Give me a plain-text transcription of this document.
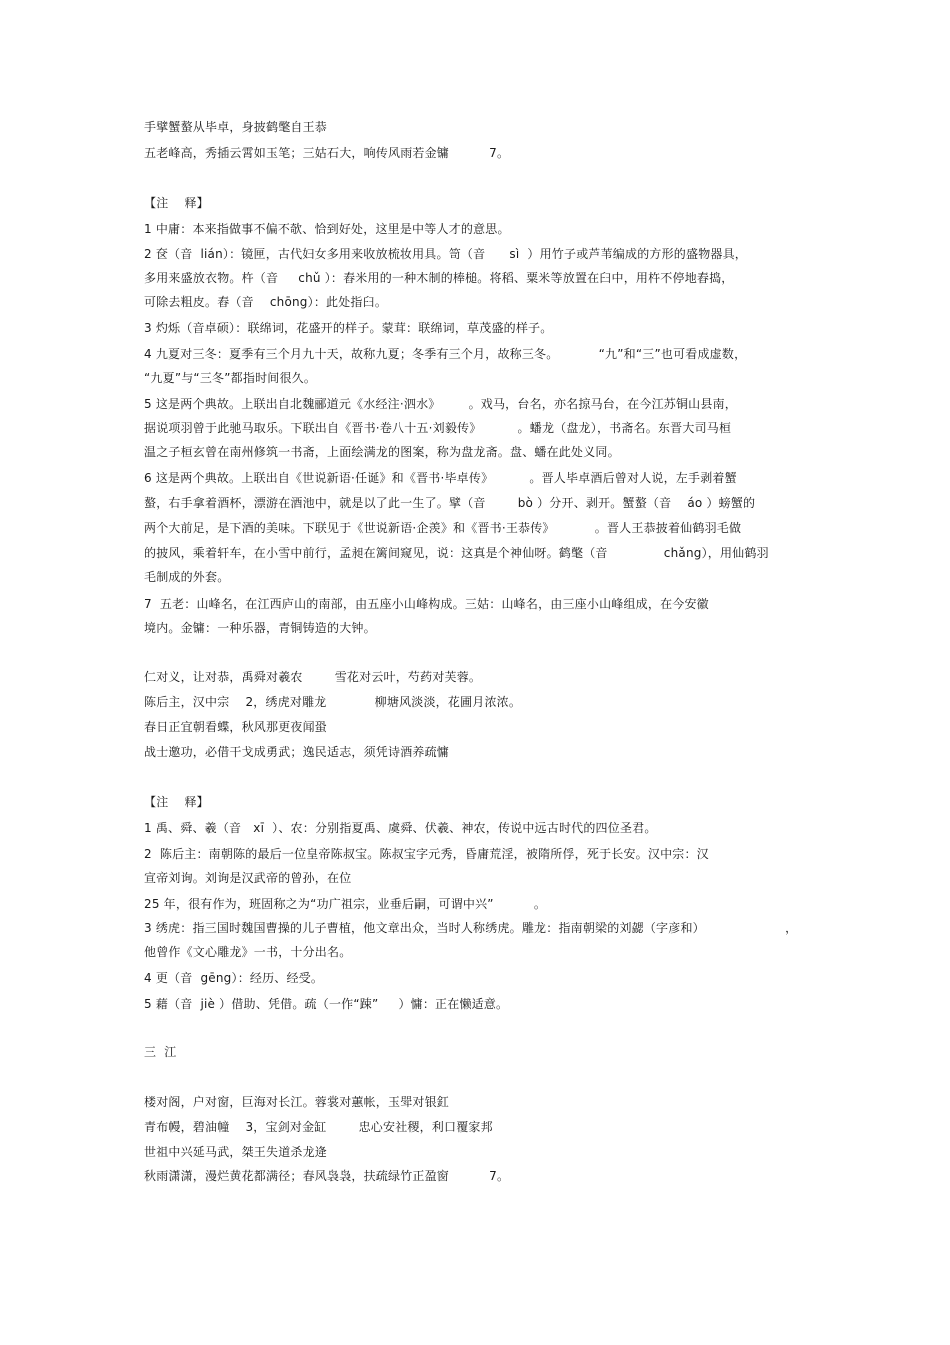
手擘蟹螯从毕卓，身披鹤氅自王恭
五老峰高，秀插云霄如玉笔；三姑石大，响传风雨若金镛          7。
【注    释】
1 中庸：本来指做事不偏不欹、恰到好处，这里是中等人才的意思。
2 奁（音  lián）：镜匣，古代妇女多用来收放梳妆用具。笥（音      sì  ）用竹子或芦苇编成的方形的盛物器具，
多用来盛放衣物。杵（音     chǔ ）：舂米用的一种木制的棒槌。将稻、粟米等放置在臼中，用杵不停地舂捣，
可除去粗皮。舂（音    chōng）：此处指臼。
3 灼烁（音卓硕）：联绵词，花盛开的样子。蒙茸：联绵词，草茂盛的样子。
4 九夏对三冬：夏季有三个月九十天，故称九夏；冬季有三个月，故称三冬。          “九”和“三”也可看成虚数，
“九夏”与“三冬”都指时间很久。
5 这是两个典故。上联出自北魏郦道元《水经注·泗水》       。戏马，台名，亦名掠马台，在今江苏铜山县南，
据说项羽曾于此驰马取乐。下联出自《晋书·卷八十五·刘毅传》         。蟠龙（盘龙），书斋名。东晋大司马桓
温之子桓玄曾在南州修筑一书斋，上面绘满龙的图案，称为盘龙斋。盘、蟠在此处义同。
6 这是两个典故。上联出自《世说新语·任诞》和《晋书·毕卓传》         。晋人毕卓酒后曾对人说，左手剥着蟹
螯，右手拿着酒杯，漂游在酒池中，就是以了此一生了。擘（音        bò ）分开、剥开。蟹螯（音    áo ）螃蟹的
两个大前足，是下酒的美味。下联见于《世说新语·企羡》和《晋书·王恭传》          。晋人王恭披着仙鹤羽毛做
的披风，乘着轩车，在小雪中前行，孟昶在篱间窥见，说：这真是个神仙呀。鹤氅（音              chǎng），用仙鹤羽
毛制成的外套。
7  五老：山峰名，在江西庐山的南部，由五座小山峰构成。三姑：山峰名，由三座小山峰组成，在今安徽
境内。金镛：一种乐器，青铜铸造的大钟。
仁对义，让对恭，禹舜对羲农        雪花对云叶，芍药对芙蓉。
陈后主，汉中宗    2，绣虎对雕龙            柳塘风淡淡，花圃月浓浓。
春日正宜朝看蝶，秋风那更夜闻蛩
战士邀功，必借干戈成勇武；逸民适志，须凭诗酒养疏慵
【注    释】
1 禹、舜、羲（音   xī  ）、农：分别指夏禹、虞舜、伏羲、神农，传说中远古时代的四位圣君。
2  陈后主：南朝陈的最后一位皇帝陈叔宝。陈叔宝字元秀，昏庸荒淫，被隋所俘，死于长安。汉中宗：汉
宣帝刘询。刘询是汉武帝的曾孙，在位
25 年，很有作为，班固称之为“功广祖宗，业垂后嗣，可谓中兴”          。
3 绣虎：指三国时魏国曹操的儿子曹植，他文章出众，当时人称绣虎。雕龙：指南朝梁的刘勰（字彦和）                    ，
他曾作《文心雕龙》一书，十分出名。
4 更（音  gēng）：经历、经受。
5 藉（音  jiè ）借助、凭借。疏（一作“踈”     ）慵：正在懒适意。
三  江
楼对阁，户对窗，巨海对长江。蓉裳对蕙帐，玉斝对银釭
青布幔，碧油幢    3，宝剑对金缸        忠心安社稷，利口覆家邦
世祖中兴延马武，桀王失道杀龙逄
秋雨潇潇，漫烂黄花都满径；春风袅袅，扶疏绿竹正盈窗          7。
